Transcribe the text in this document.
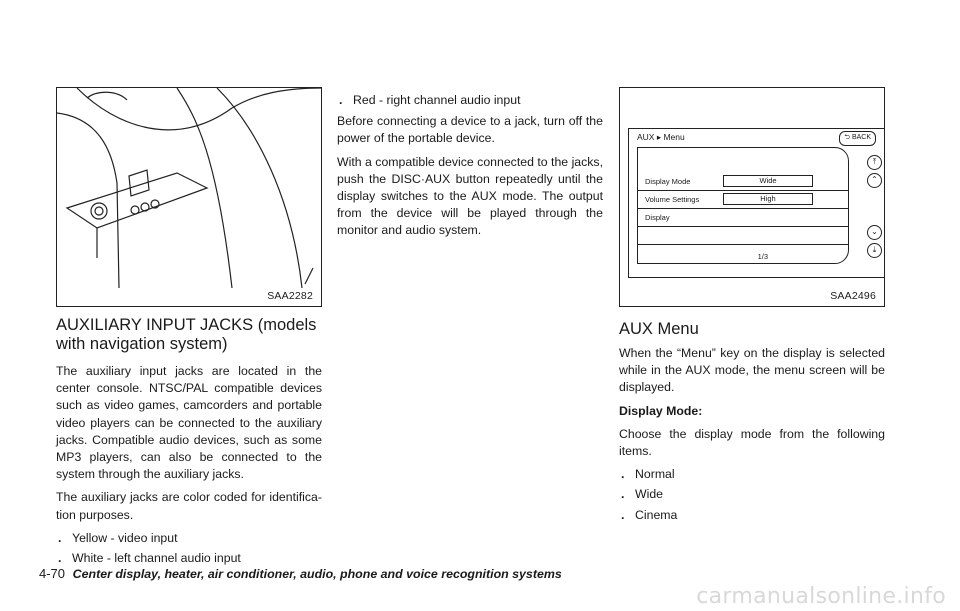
SAA2282
AUXILIARY INPUT JACKS (models with navigation system)

The auxiliary input jacks are located in the center console. NTSC/PAL compatible devices such as video games, camcorders and portable video players can be connected to the auxiliary jacks. Compatible audio devices, such as some MP3 players, can also be connected to the system through the auxiliary jacks.

The auxiliary jacks are color coded for identifica-tion purposes.

. Yellow - video input
. White - left channel audio input
. Red - right channel audio input

Before connecting a device to a jack, turn off the power of the portable device.

With a compatible device connected to the jacks, push the DISC·AUX button repeatedly until the display switches to the AUX mode. The output from the device will be played through the monitor and audio system.

AUX ▸ Menu	⮌ BACK
Display Mode	Wide
Volume Settings	High
Display
1/3
⤒
⌃
⌄
⤓
SAA2496
AUX Menu

When the “Menu” key on the display is selected while in the AUX mode, the menu screen will be displayed.

Display Mode:

Choose the display mode from the following items.

. Normal
. Wide
. Cinema
4-70 Center display, heater, air conditioner, audio, phone and voice recognition systems
carmanualsonline.info
